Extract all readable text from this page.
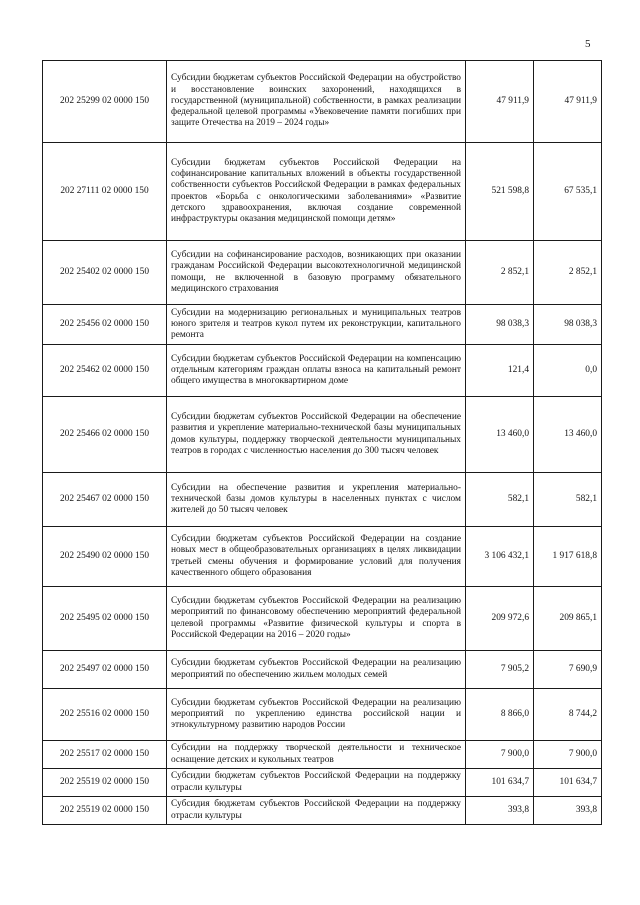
5
202 25299 02 0000 150	Субсидии бюджетам субъектов Российской Федерации на обустройство и восстановление воинских захоронений, находящихся в государственной (муниципальной) собственности, в рамках реализации федеральной целевой программы «Увековечение памяти погибших при защите Отечества на 2019 – 2024 годы»	47 911,9	47 911,9
202 27111 02 0000 150	Субсидии бюджетам субъектов Российской Федерации на софинансирование капитальных вложений в объекты государственной собственности субъектов Российской Федерации в рамках федеральных проектов «Борьба с онкологическими заболеваниями» «Развитие детского здравоохранения, включая создание современной инфраструктуры оказания медицинской помощи детям»	521 598,8	67 535,1
202 25402 02 0000 150	Субсидии на софинансирование расходов, возникающих при оказании гражданам Российской Федерации высокотехнологичной медицинской помощи, не включенной в базовую программу обязательного медицинского страхования	2 852,1	2 852,1
202 25456 02 0000 150	Субсидии на модернизацию региональных и муниципальных театров юного зрителя и театров кукол путем их реконструкции, капитального ремонта	98 038,3	98 038,3
202 25462 02 0000 150	Субсидии бюджетам субъектов Российской Федерации на компенсацию отдельным категориям граждан оплаты взноса на капитальный ремонт общего имущества в многоквартирном доме	121,4	0,0
202 25466 02 0000 150	Субсидии бюджетам субъектов Российской Федерации на обеспечение развития и укрепление материально-технической базы муниципальных домов культуры, поддержку творческой деятельности муниципальных театров в городах с численностью населения до 300 тысяч человек	13 460,0	13 460,0
202 25467 02 0000 150	Субсидии на обеспечение развития и укрепления материально-технической базы домов культуры в населенных пунктах с числом жителей до 50 тысяч человек	582,1	582,1
202 25490 02 0000 150	Субсидии бюджетам субъектов Российской Федерации на создание новых мест в общеобразовательных организациях в целях ликвидации третьей смены обучения и формирование условий для получения качественного общего образования	3 106 432,1	1 917 618,8
202 25495 02 0000 150	Субсидии бюджетам субъектов Российской Федерации на реализацию мероприятий по финансовому обеспечению мероприятий федеральной целевой программы «Развитие физической культуры и спорта в Российской Федерации на 2016 – 2020 годы»	209 972,6	209 865,1
202 25497 02 0000 150	Субсидии бюджетам субъектов Российской Федерации на реализацию мероприятий по обеспечению жильем молодых семей	7 905,2	7 690,9
202 25516 02 0000 150	Субсидии бюджетам субъектов Российской Федерации на реализацию мероприятий по укреплению единства российской нации и этнокультурному развитию народов России	8 866,0	8 744,2
202 25517 02 0000 150	Субсидии на поддержку творческой деятельности и техническое оснащение детских и кукольных театров	7 900,0	7 900,0
202 25519 02 0000 150	Субсидии бюджетам субъектов Российской Федерации на поддержку отрасли культуры	101 634,7	101 634,7
202 25519 02 0000 150	Субсидия бюджетам субъектов Российской Федерации на поддержку отрасли культуры	393,8	393,8
